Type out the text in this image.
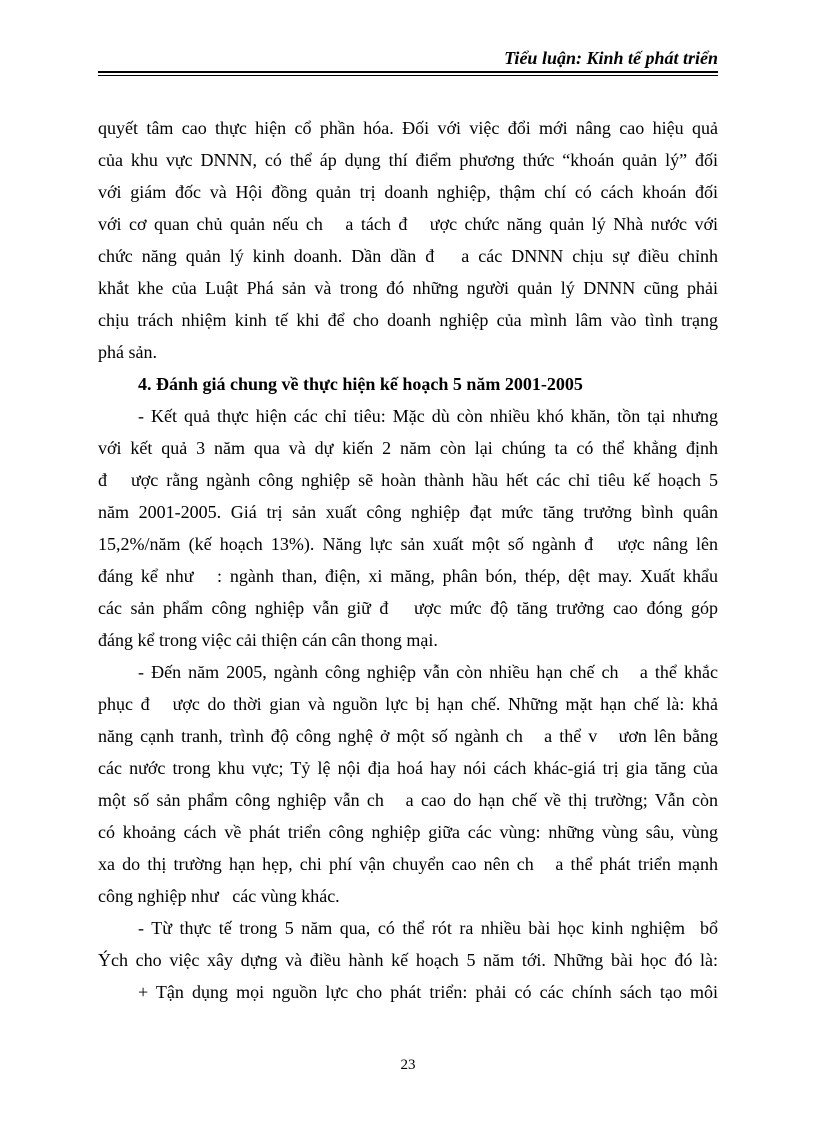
Tiểu luận: Kinh tế phát triển
quyết tâm cao thực hiện cổ phần hóa. Đối với việc đổi mới nâng cao hiệu quả
của khu vực DNNN, có thể áp dụng thí điểm phương thức “khoán quản lý” đối
với giám đốc và Hội đồng quản trị doanh nghiệp, thậm chí có cách khoán đối
với cơ quan chủ quản nếu ch   a tách đ   ược chức năng quản lý Nhà nước với
chức năng quản lý kinh doanh. Dần dần đ   a các DNNN chịu sự điều chỉnh
khắt khe của Luật Phá sản và trong đó những người quản lý DNNN cũng phải
chịu trách nhiệm kinh tế khi để cho doanh nghiệp của mình lâm vào tình trạng
phá sản.
4. Đánh giá chung về thực hiện kế hoạch 5 năm 2001-2005
- Kết quả thực hiện các chỉ tiêu: Mặc dù còn nhiều khó khăn, tồn tại nhưng
với kết quả 3 năm qua và dự kiến 2 năm còn lại chúng ta có thể khẳng định
đ   ược rằng ngành công nghiệp sẽ hoàn thành hầu hết các chỉ tiêu kế hoạch 5
năm 2001-2005. Giá trị sản xuất công nghiệp đạt mức tăng trưởng bình quân
15,2%/năm (kế hoạch 13%). Năng lực sản xuất một số ngành đ   ược nâng lên
đáng kể như   : ngành than, điện, xi măng, phân bón, thép, dệt may. Xuất khẩu
các sản phẩm công nghiệp vẫn giữ đ   ược mức độ tăng trưởng cao đóng góp
đáng kể trong việc cải thiện cán cân thong mại.
- Đến năm 2005, ngành công nghiệp vẫn còn nhiều hạn chế ch   a thể khắc
phục đ   ược do thời gian và nguồn lực bị hạn chế. Những mặt hạn chế là: khả
năng cạnh tranh, trình độ công nghệ ở một số ngành ch   a thể v   ươn lên bằng
các nước trong khu vực; Tỷ lệ nội địa hoá hay nói cách khác-giá trị gia tăng của
một số sản phẩm công nghiệp vẫn ch   a cao do hạn chế về thị trường; Vẫn còn
có khoảng cách về phát triển công nghiệp giữa các vùng: những vùng sâu, vùng
xa do thị trường hạn hẹp, chi phí vận chuyển cao nên ch   a thể phát triển mạnh
công nghiệp như   các vùng khác.
- Từ thực tế trong 5 năm qua, có thể rót ra nhiều bài học kinh nghiệm  bổ
Ých cho việc xây dựng và điều hành kế hoạch 5 năm tới. Những bài học đó là:
+ Tận dụng mọi nguồn lực cho phát triển: phải có các chính sách tạo môi
23
